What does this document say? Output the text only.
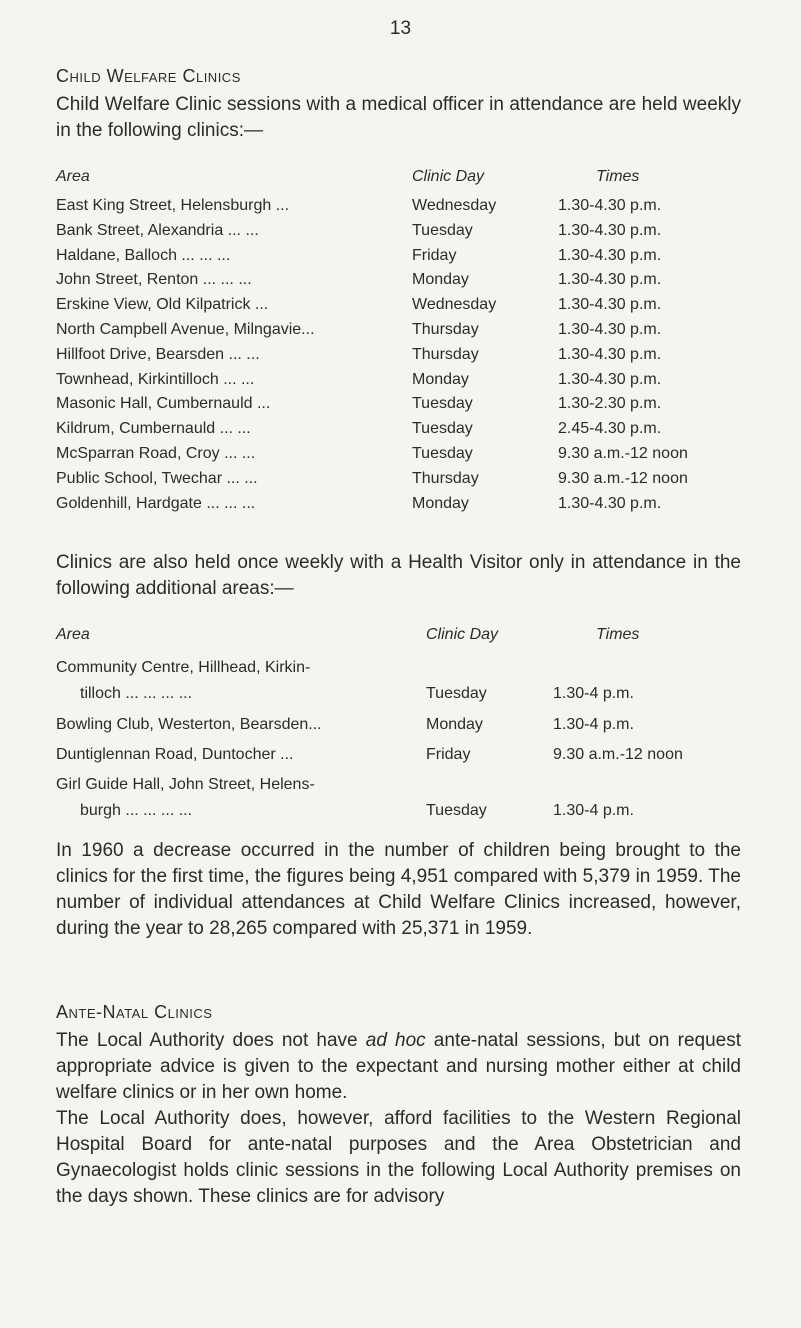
13
Child Welfare Clinics

Child Welfare Clinic sessions with a medical officer in attendance are held weekly in the following clinics:—

Area	Clinic Day	Times
East King Street, Helensburgh ...	Wednesday	1.30-4.30 p.m.
Bank Street, Alexandria ... ...	Tuesday	1.30-4.30 p.m.
Haldane, Balloch ... ... ...	Friday	1.30-4.30 p.m.
John Street, Renton ... ... ...	Monday	1.30-4.30 p.m.
Erskine View, Old Kilpatrick ...	Wednesday	1.30-4.30 p.m.
North Campbell Avenue, Milngavie...	Thursday	1.30-4.30 p.m.
Hillfoot Drive, Bearsden ... ...	Thursday	1.30-4.30 p.m.
Townhead, Kirkintilloch ... ...	Monday	1.30-4.30 p.m.
Masonic Hall, Cumbernauld ...	Tuesday	1.30-2.30 p.m.
Kildrum, Cumbernauld ... ...	Tuesday	2.45-4.30 p.m.
McSparran Road, Croy ... ...	Tuesday	9.30 a.m.-12 noon
Public School, Twechar ... ...	Thursday	9.30 a.m.-12 noon
Goldenhill, Hardgate ... ... ...	Monday	1.30-4.30 p.m.

Clinics are also held once weekly with a Health Visitor only in attendance in the following additional areas:—

Area	Clinic Day	Times
Community Centre, Hillhead, Kirkin-
tilloch ... ... ... ...	Tuesday	1.30-4 p.m.
Bowling Club, Westerton, Bearsden...	Monday	1.30-4 p.m.
Duntiglennan Road, Duntocher ...	Friday	9.30 a.m.-12 noon
Girl Guide Hall, John Street, Helens-
burgh ... ... ... ...	Tuesday	1.30-4 p.m.

In 1960 a decrease occurred in the number of children being brought to the clinics for the first time, the figures being 4,951 compared with 5,379 in 1959. The number of individual attendances at Child Welfare Clinics increased, however, during the year to 28,265 compared with 25,371 in 1959.

Ante-Natal Clinics

The Local Authority does not have ad hoc ante-natal sessions, but on request appropriate advice is given to the expectant and nursing mother either at child welfare clinics or in her own home.

The Local Authority does, however, afford facilities to the Western Regional Hospital Board for ante-natal purposes and the Area Obstetrician and Gynaecologist holds clinic sessions in the following Local Authority premises on the days shown. These clinics are for advisory
